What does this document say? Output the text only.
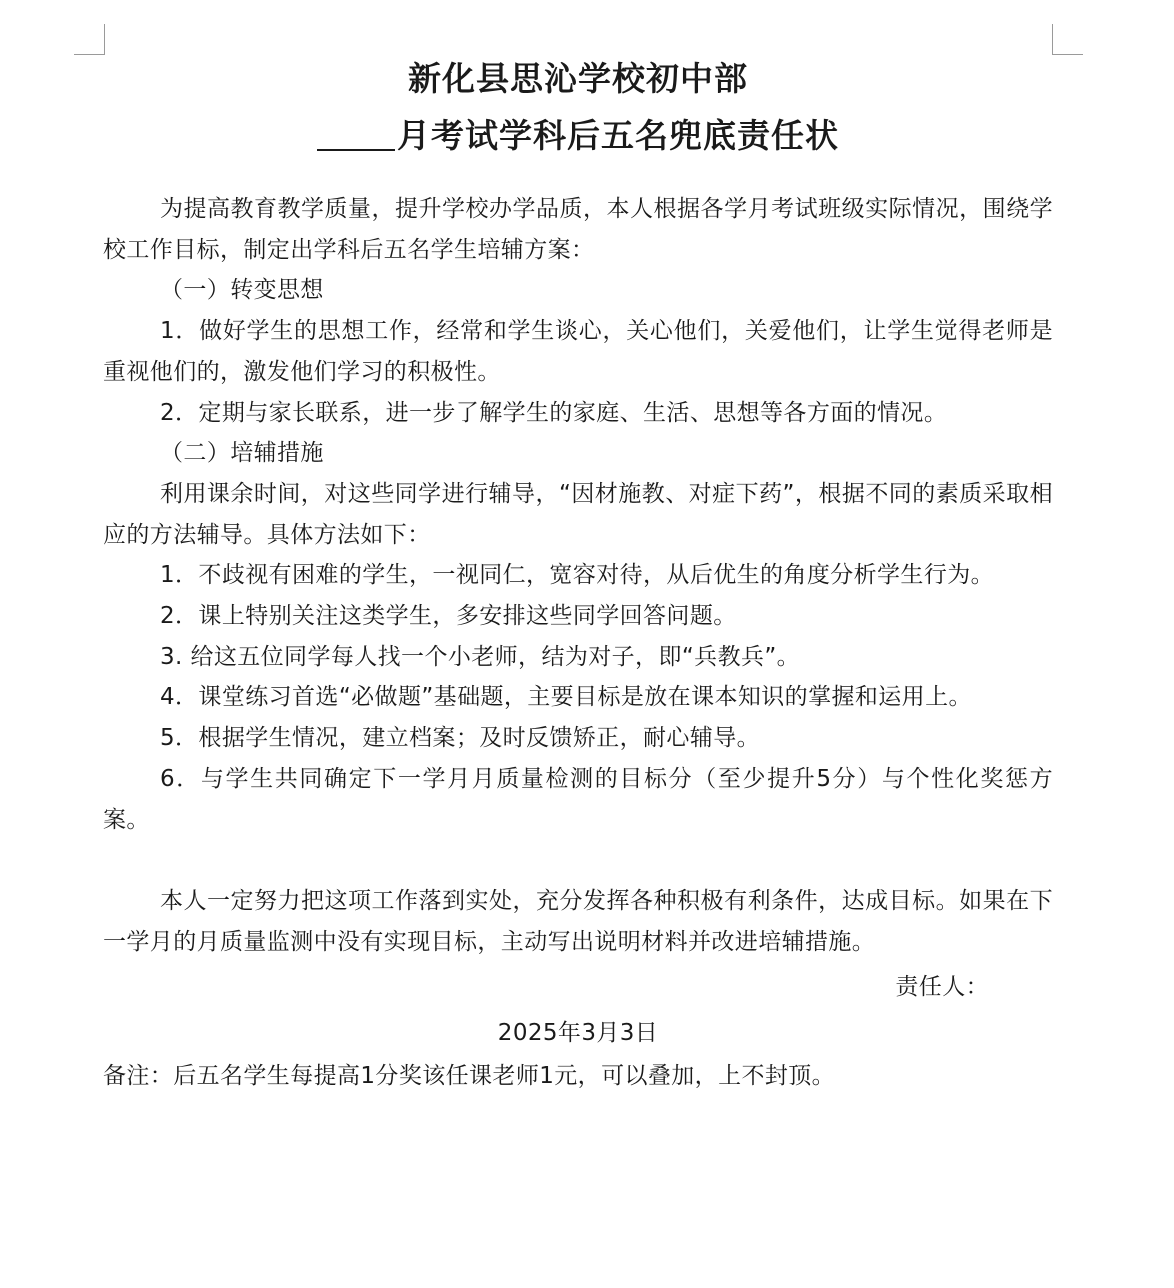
新化县思沁学校初中部
月考试学科后五名兜底责任状

为提高教育教学质量，提升学校办学品质，本人根据各学月考试班级实际情况，围绕学校工作目标，制定出学科后五名学生培辅方案：

（一）转变思想

1．做好学生的思想工作，经常和学生谈心，关心他们，关爱他们，让学生觉得老师是重视他们的，激发他们学习的积极性。

2．定期与家长联系，进一步了解学生的家庭、生活、思想等各方面的情况。

（二）培辅措施

利用课余时间，对这些同学进行辅导，“因材施教、对症下药”，根据不同的素质采取相应的方法辅导。具体方法如下：

1．不歧视有困难的学生，一视同仁，宽容对待，从后优生的角度分析学生行为。

2．课上特别关注这类学生，多安排这些同学回答问题。

3. 给这五位同学每人找一个小老师，结为对子，即“兵教兵”。

4．课堂练习首选“必做题”基础题，主要目标是放在课本知识的掌握和运用上。

5．根据学生情况，建立档案；及时反馈矫正，耐心辅导。

6．与学生共同确定下一学月月质量检测的目标分（至少提升5分）与个性化奖惩方案。

本人一定努力把这项工作落到实处，充分发挥各种积极有利条件，达成目标。如果在下一学月的月质量监测中没有实现目标，主动写出说明材料并改进培辅措施。

责任人：

2025年3月3日

备注：后五名学生每提高1分奖该任课老师1元，可以叠加，上不封顶。
